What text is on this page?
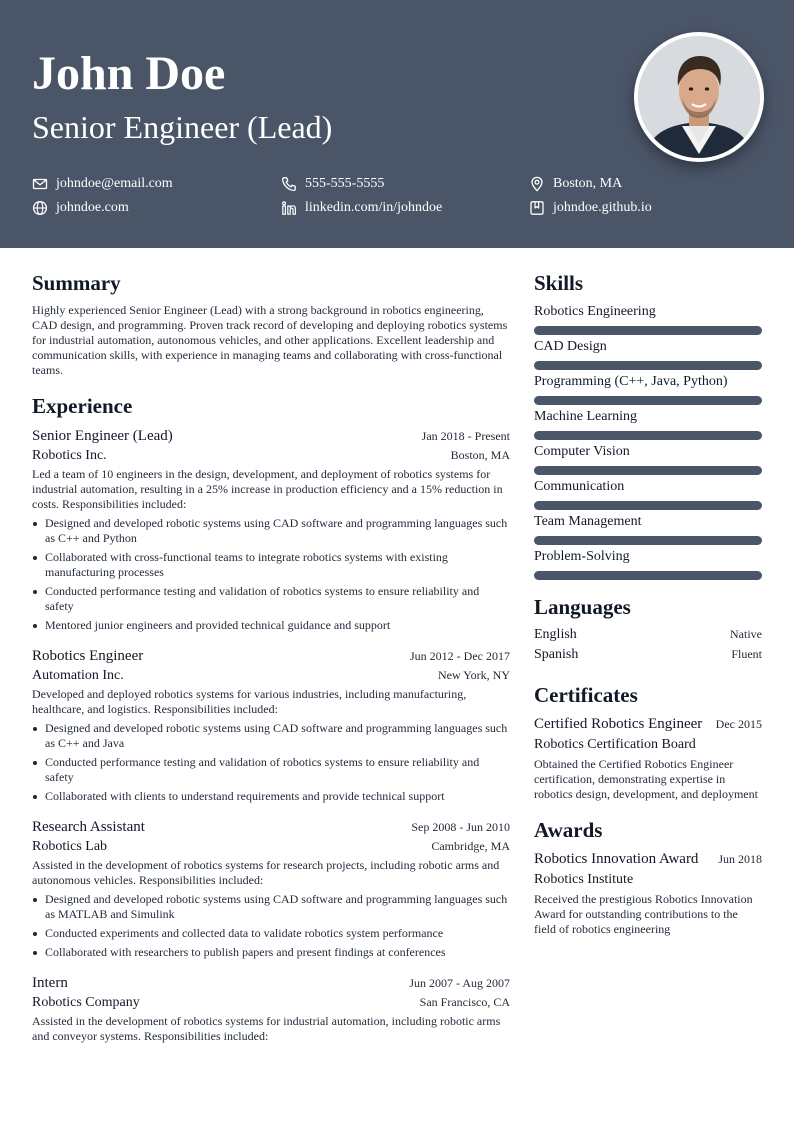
John Doe
Senior Engineer (Lead)
johndoe@email.com	555-555-5555	Boston, MA
johndoe.com	linkedin.com/in/johndoe	johndoe.github.io
Summary

Highly experienced Senior Engineer (Lead) with a strong background in robotics engineering, CAD design, and programming. Proven track record of developing and deploying robotics systems for industrial automation, autonomous vehicles, and other applications. Excellent leadership and communication skills, with experience in managing teams and collaborating with cross-functional teams.

Experience
Senior Engineer (Lead)	Jan 2018 - Present
Robotics Inc.	Boston, MA

Led a team of 10 engineers in the design, development, and deployment of robotics systems for industrial automation, resulting in a 25% increase in production efficiency and a 15% reduction in costs. Responsibilities included:

Designed and developed robotic systems using CAD software and programming languages such as C++ and Python
Collaborated with cross-functional teams to integrate robotics systems with existing manufacturing processes
Conducted performance testing and validation of robotics systems to ensure reliability and safety
Mentored junior engineers and provided technical guidance and support
Robotics Engineer	Jun 2012 - Dec 2017
Automation Inc.	New York, NY

Developed and deployed robotics systems for various industries, including manufacturing, healthcare, and logistics. Responsibilities included:

Designed and developed robotic systems using CAD software and programming languages such as C++ and Java
Conducted performance testing and validation of robotics systems to ensure reliability and safety
Collaborated with clients to understand requirements and provide technical support
Research Assistant	Sep 2008 - Jun 2010
Robotics Lab	Cambridge, MA

Assisted in the development of robotics systems for research projects, including robotic arms and autonomous vehicles. Responsibilities included:

Designed and developed robotic systems using CAD software and programming languages such as MATLAB and Simulink
Conducted experiments and collected data to validate robotics system performance
Collaborated with researchers to publish papers and present findings at conferences
Intern	Jun 2007 - Aug 2007
Robotics Company	San Francisco, CA

Assisted in the development of robotics systems for industrial automation, including robotic arms and conveyor systems. Responsibilities included:

Skills
Robotics Engineering
CAD Design
Programming (C++, Java, Python)
Machine Learning
Computer Vision
Communication
Team Management
Problem-Solving
Languages
English	Native
Spanish	Fluent
Certificates
Certified Robotics Engineer Dec 2015
Robotics Certification Board

Obtained the Certified Robotics Engineer certification, demonstrating expertise in robotics design, development, and deployment

Awards
Robotics Innovation Award Jun 2018
Robotics Institute

Received the prestigious Robotics Innovation Award for outstanding contributions to the field of robotics engineering
